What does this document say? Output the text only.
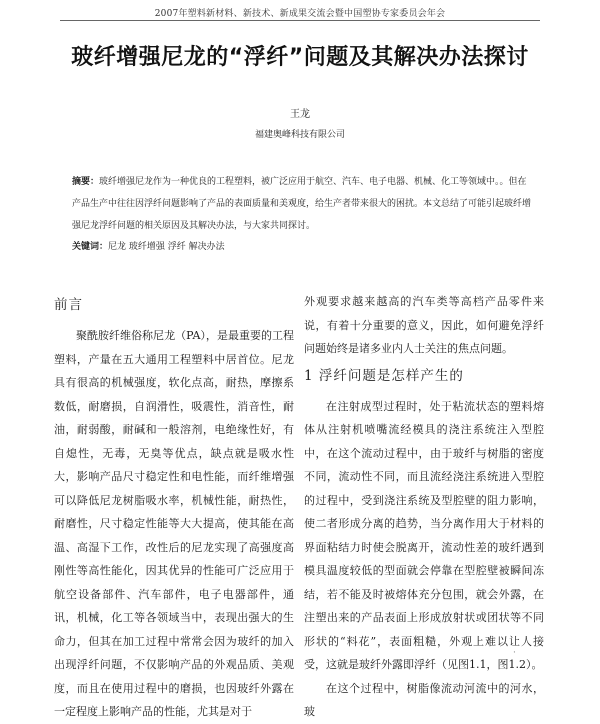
2007年塑料新材料、新技术、新成果交流会暨中国塑协专家委员会年会
玻纤增强尼龙的“浮纤”问题及其解决办法探讨
王龙
福建奥峰科技有限公司
摘要：玻纤增强尼龙作为一种优良的工程塑料，被广泛应用于航空、汽车、电子电器、机械、化工等领域中。。但在产品生产中往往因浮纤问题影响了产品的表面质量和美观度，给生产者带来很大的困扰。本文总结了可能引起玻纤增强尼龙浮纤问题的相关原因及其解决办法，与大家共同探讨。
关键词：尼龙 玻纤增强 浮纤 解决办法
前言

聚酰胺纤维俗称尼龙（PA），是最重要的工程塑料，产量在五大通用工程塑料中居首位。尼龙具有很高的机械强度，软化点高，耐热，摩擦系数低，耐磨损，自润滑性，吸震性，消音性，耐油，耐弱酸，耐碱和一般溶剂，电绝缘性好，有自熄性，无毒，无臭等优点，缺点就是吸水性大，影响产品尺寸稳定性和电性能，而纤维增强可以降低尼龙树脂吸水率，机械性能，耐热性，耐磨性，尺寸稳定性能等大大提高，使其能在高温、高湿下工作，改性后的尼龙实现了高强度高刚性等高性能化，因其优异的性能可广泛应用于航空设备部件、汽车部件，电子电器部件，通讯，机械，化工等各领域当中，表现出强大的生命力，但其在加工过程中常常会因为玻纤的加入出现浮纤问题，不仅影响产品的外观品质、美观度，而且在使用过程中的磨损，也因玻纤外露在一定程度上影响产品的性能，尤其是对于

外观要求越来越高的汽车类等高档产品零件来说，有着十分重要的意义，因此，如何避免浮纤问题始终是诸多业内人士关注的焦点问题。

1 浮纤问题是怎样产生的

在注射成型过程时，处于粘流状态的塑料熔体从注射机喷嘴流经模具的浇注系统注入型腔中，在这个流动过程中，由于玻纤与树脂的密度不同，流动性不同，而且流经浇注系统进入型腔的过程中，受到浇注系统及型腔壁的阻力影响，使二者形成分离的趋势，当分离作用大于材料的界面粘结力时使会脱离开，流动性差的玻纤遇到模具温度较低的型面就会停靠在型腔壁被瞬间冻结，若不能及时被熔体充分包围，就会外露，在注塑出来的产品表面上形成放射状或团状等不同形状的“料花”，表面粗糙，外观上难以让人接受，这就是玻纤外露即浮纤（见图1.1，图1.2）。

在这个过程中，树脂像流动河流中的河水，玻

·
